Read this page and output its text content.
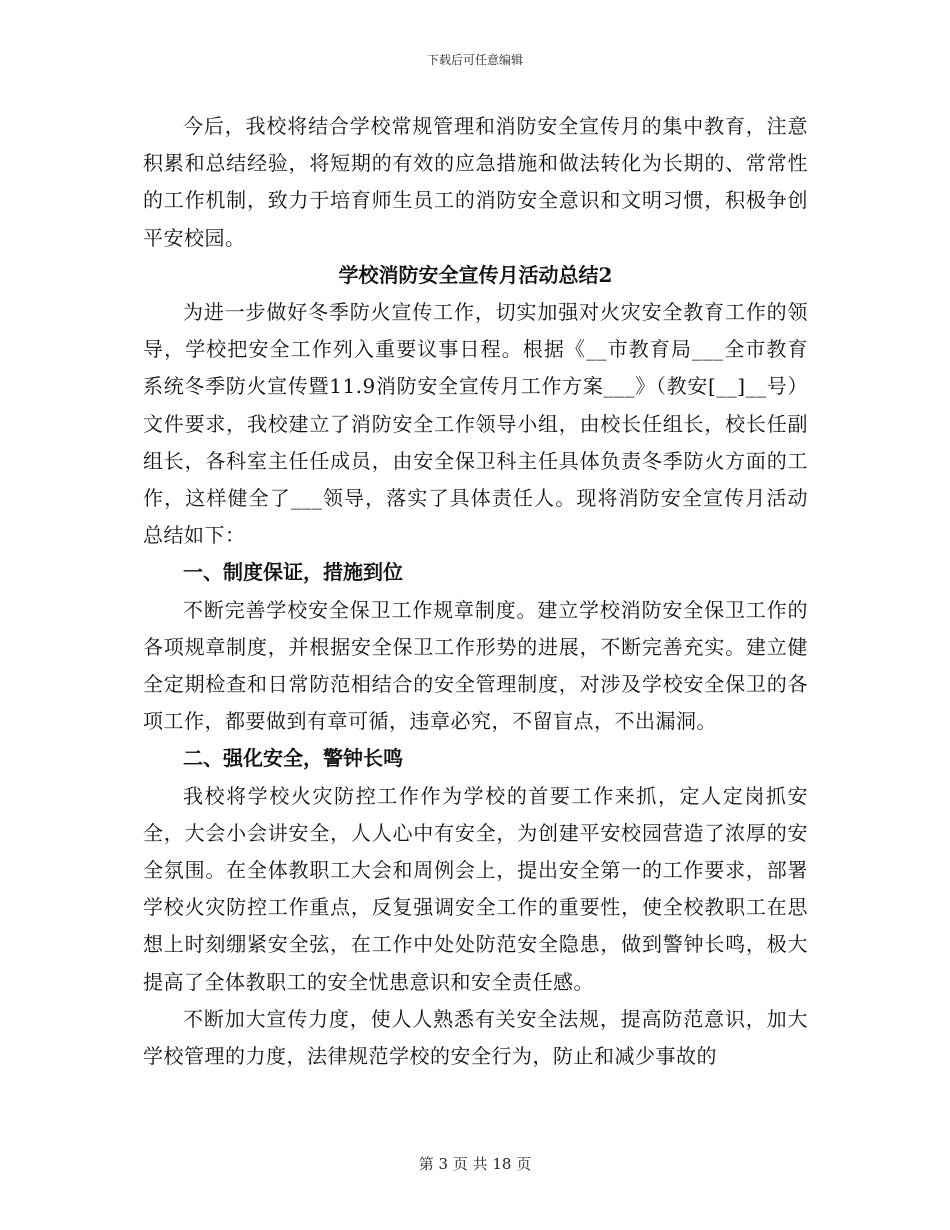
下载后可任意编辑

今后，我校将结合学校常规管理和消防安全宣传月的集中教育，注意积累和总结经验，将短期的有效的应急措施和做法转化为长期的、常常性的工作机制，致力于培育师生员工的消防安全意识和文明习惯，积极争创平安校园。

学校消防安全宣传月活动总结2

为进一步做好冬季防火宣传工作，切实加强对火灾安全教育工作的领导，学校把安全工作列入重要议事日程。根据《__市教育局___全市教育系统冬季防火宣传暨11.9消防安全宣传月工作方案___》（教安[__]__号）文件要求，我校建立了消防安全工作领导小组，由校长任组长，校长任副组长，各科室主任任成员，由安全保卫科主任具体负责冬季防火方面的工作，这样健全了___领导，落实了具体责任人。现将消防安全宣传月活动总结如下：

一、制度保证，措施到位

不断完善学校安全保卫工作规章制度。建立学校消防安全保卫工作的各项规章制度，并根据安全保卫工作形势的进展，不断完善充实。建立健全定期检查和日常防范相结合的安全管理制度，对涉及学校安全保卫的各项工作，都要做到有章可循，违章必究，不留盲点，不出漏洞。

二、强化安全，警钟长鸣

我校将学校火灾防控工作作为学校的首要工作来抓，定人定岗抓安全，大会小会讲安全，人人心中有安全，为创建平安校园营造了浓厚的安全氛围。在全体教职工大会和周例会上，提出安全第一的工作要求，部署学校火灾防控工作重点，反复强调安全工作的重要性，使全校教职工在思想上时刻绷紧安全弦，在工作中处处防范安全隐患，做到警钟长鸣，极大提高了全体教职工的安全忧患意识和安全责任感。

不断加大宣传力度，使人人熟悉有关安全法规，提高防范意识，加大学校管理的力度，法律规范学校的安全行为，防止和减少事故的

第 3 页 共 18 页
